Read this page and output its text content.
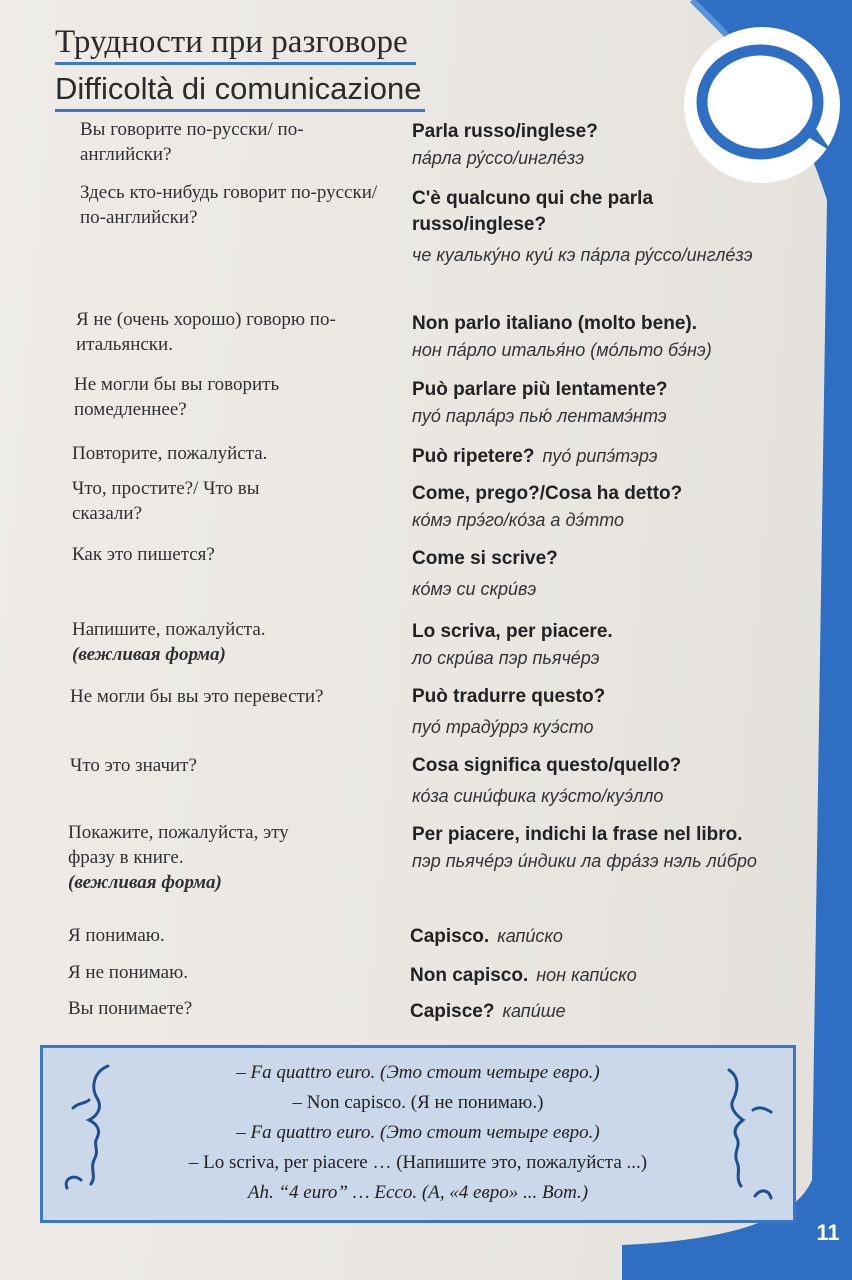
Трудности при разговоре
Difficoltà di comunicazione
Вы говорите по-русски/ по-английски?
Parla russo/inglese?
па́рла ру́ссо/инглéзэ
Здесь кто-нибудь говорит по-русски/по-английски?
C'è qualcuno qui che parla russo/inglese?
че куальку́но куи́ кэ па́рла ру́ссо/инглéзэ
Я не (очень хорошо) говорю по-итальянски.
Non parlo italiano (molto bene).
нон па́рло италья́но (мо́льто бэ́нэ)
Не могли бы вы говорить помедленнее?
Può parlare più lentamente?
пуо́ парла́рэ пью́ лентамэ́нтэ
Повторите, пожалуйста.	Può ripetere? пуо́ рипэ́тэрэ
Что, простите?/ Что вы сказали?
Come, prego?/Cosa ha detto?
ко́мэ прэ́го/ко́за а дэ́тто
Как это пишется?	Come si scrive?
ко́мэ си скри́вэ
Напишите, пожалуйста.
(вежливая форма)
Lo scriva, per piacere.
ло скри́ва пэр пьячéрэ
Не могли бы вы это перевести?	Può tradurre questo?
пуо́ траду́ррэ куэ́сто
Что это значит?	Cosa significa questo/quello?
ко́за сини́фика куэ́сто/куэ́лло
Покажите, пожалуйста, эту фразу в книге.
(вежливая форма)
Per piacere, indichi la frase nel libro.
пэр пьячéрэ и́ндики ла фра́зэ нэль ли́бро
Я понимаю.	Capisco. капи́ско
Я не понимаю.	Non capisco. нон капи́ско
Вы понимаете?	Capisce? капи́ше
– Fa quattro euro. (Это стоит четыре евро.)
– Non capisco. (Я не понимаю.)
– Fa quattro euro. (Это стоит четыре евро.)
– Lo scriva, per piacere … (Напишите это, пожалуйста ...)
Ah. “4 euro” … Ecco. (А, «4 евро» ... Вот.)
11
